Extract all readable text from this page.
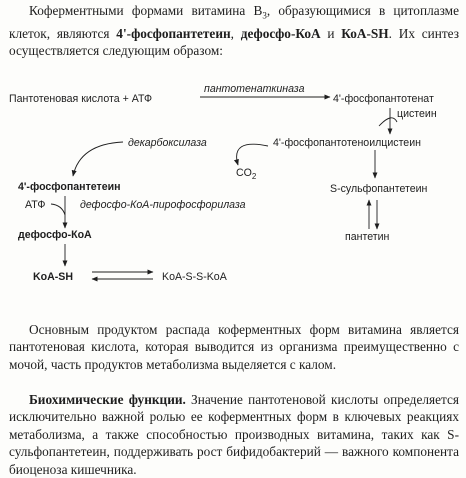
Коферментными формами витамина $B_3$, образующимися в цитоплазме клеток, являются 4'-фосфопантетеин, дефосфо-КоА и КоА-SH. Их синтез осуществляется следующим образом:

Пантотеновая кислота + АТФ
пантотенаткиназа
4'-фосфопантотенат
цистеин
4'-фосфопантотеноилцистеин
декарбоксилаза
$CO_2$
S-сульфопантетеин
пантетин
4'-фосфопантетеин
АТФ	дефосфо-КоА-пирофосфорилаза
дефосфо-КоА
KoA-SH	KoA-S-S-KoA

Основным продуктом распада коферментных форм витамина является пантотеновая кислота, которая выводится из организма преимущественно с мочой, часть продуктов метаболизма выделяется с калом.

Биохимические функции. Значение пантотеновой кислоты определяется исключительно важной ролью ее коферментных форм в ключевых реакциях метаболизма, а также способностью производных витамина, таких как S-сульфопантетеин, поддерживать рост бифидобактерий — важного компонента биоценоза кишечника.
